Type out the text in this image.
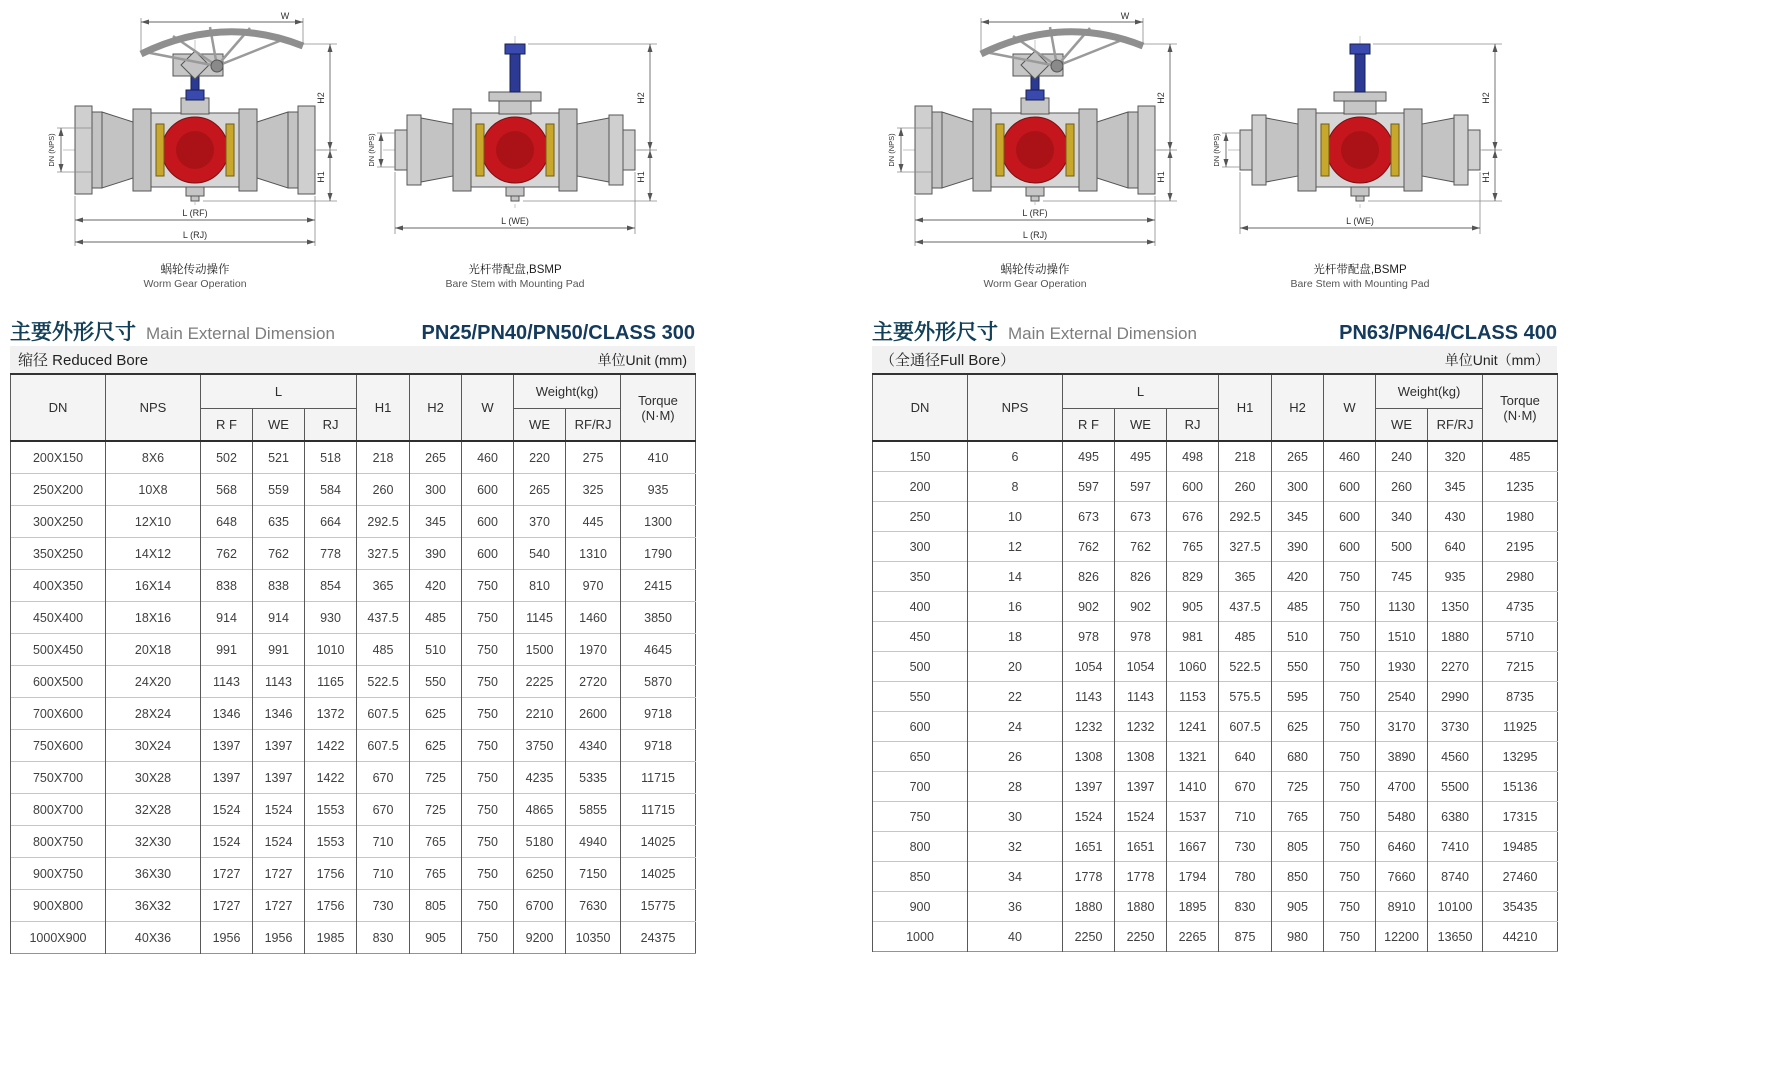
W
H2
H1
DN (NPS)
L (RF)
L (RJ)
蜗轮传动操作
Worm Gear Operation
H2
H1
DN (NPS)
L (WE)
光杆带配盘,BSMP
Bare Stem with Mounting Pad
主要外形尺寸 Main External Dimension	PN25/PN40/PN50/CLASS 300
缩径 Reduced Bore	单位Unit (mm)
DN	NPS	L			H1	H2	W	Weight(kg)		Torque
(N·M)

		R F	WE	RJ				WE	RF/RJ	
200X150	8X6	502	521	518	218	265	460	220	275	410
250X200	10X8	568	559	584	260	300	600	265	325	935
300X250	12X10	648	635	664	292.5	345	600	370	445	1300
350X250	14X12	762	762	778	327.5	390	600	540	1310	1790
400X350	16X14	838	838	854	365	420	750	810	970	2415
450X400	18X16	914	914	930	437.5	485	750	1145	1460	3850
500X450	20X18	991	991	1010	485	510	750	1500	1970	4645
600X500	24X20	1143	1143	1165	522.5	550	750	2225	2720	5870
700X600	28X24	1346	1346	1372	607.5	625	750	2210	2600	9718
750X600	30X24	1397	1397	1422	607.5	625	750	3750	4340	9718
750X700	30X28	1397	1397	1422	670	725	750	4235	5335	11715
800X700	32X28	1524	1524	1553	670	725	750	4865	5855	11715
800X750	32X30	1524	1524	1553	710	765	750	5180	4940	14025
900X750	36X30	1727	1727	1756	710	765	750	6250	7150	14025
900X800	36X32	1727	1727	1756	730	805	750	6700	7630	15775
1000X900	40X36	1956	1956	1985	830	905	750	9200	10350	24375
W
H2
H1
DN (NPS)
L (RF)
L (RJ)
蜗轮传动操作
Worm Gear Operation
H2
H1
DN (NPS)
L (WE)
光杆带配盘,BSMP
Bare Stem with Mounting Pad
主要外形尺寸 Main External Dimension	PN63/PN64/CLASS 400
（全通径Full Bore）	单位Unit（mm）
DN	NPS	L			H1	H2	W	Weight(kg)		Torque
(N·M)

		R F	WE	RJ				WE	RF/RJ	
150	6	495	495	498	218	265	460	240	320	485
200	8	597	597	600	260	300	600	260	345	1235
250	10	673	673	676	292.5	345	600	340	430	1980
300	12	762	762	765	327.5	390	600	500	640	2195
350	14	826	826	829	365	420	750	745	935	2980
400	16	902	902	905	437.5	485	750	1130	1350	4735
450	18	978	978	981	485	510	750	1510	1880	5710
500	20	1054	1054	1060	522.5	550	750	1930	2270	7215
550	22	1143	1143	1153	575.5	595	750	2540	2990	8735
600	24	1232	1232	1241	607.5	625	750	3170	3730	11925
650	26	1308	1308	1321	640	680	750	3890	4560	13295
700	28	1397	1397	1410	670	725	750	4700	5500	15136
750	30	1524	1524	1537	710	765	750	5480	6380	17315
800	32	1651	1651	1667	730	805	750	6460	7410	19485
850	34	1778	1778	1794	780	850	750	7660	8740	27460
900	36	1880	1880	1895	830	905	750	8910	10100	35435
1000	40	2250	2250	2265	875	980	750	12200	13650	44210
